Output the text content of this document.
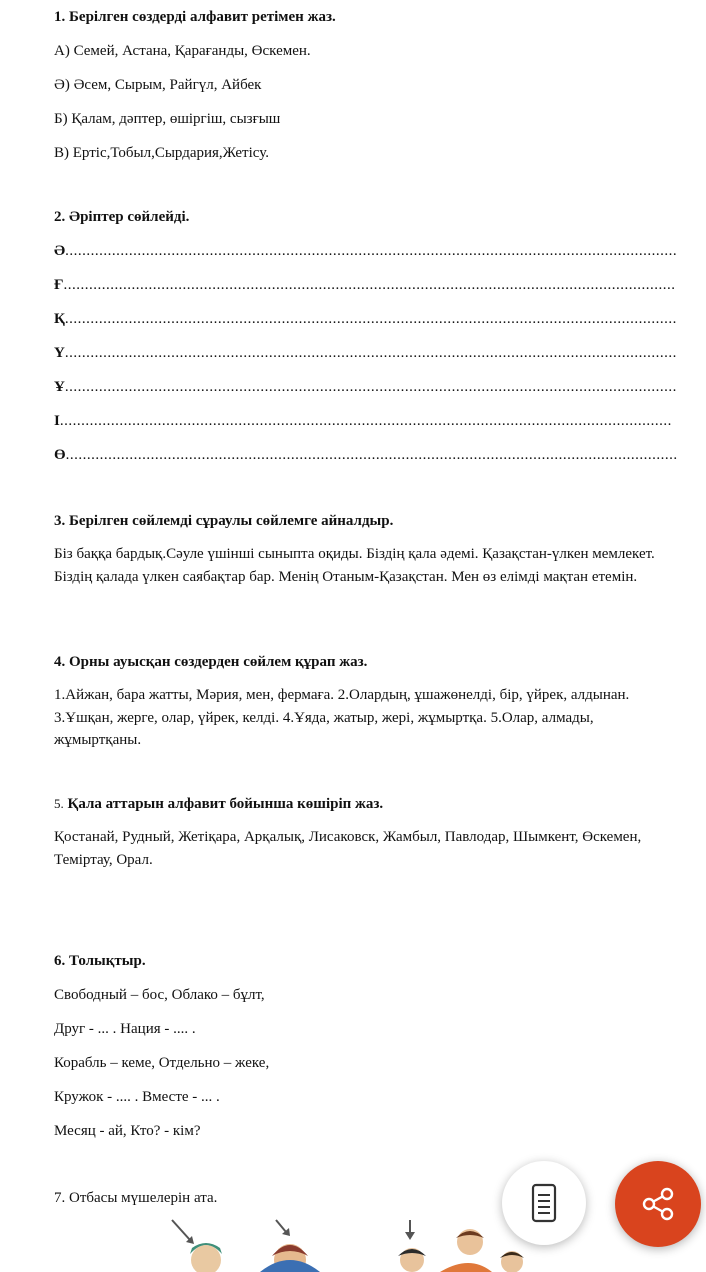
1. Берілген сөздерді алфавит ретімен жаз.

А) Семей, Астана, Қарағанды, Өскемен.

Ә) Әсем, Сырым, Райгүл, Айбек

Б) Қалам, дәптер, өшіргіш, сызғыш

В) Ертіс,Тобыл,Сырдария,Жетісу.

2. Әріптер сөйлейді.

Ә................................................................................................................................................

Ғ................................................................................................................................................

Қ................................................................................................................................................

Ү................................................................................................................................................

Ұ................................................................................................................................................

І................................................................................................................................................

Ө................................................................................................................................................

3. Берілген сөйлемді сұраулы сөйлемге айналдыр.

Біз баққа бардық.Сәуле үшінші сыныпта оқиды. Біздің қала әдемі. Қазақстан-үлкен мемлекет. Біздің қалада үлкен саябақтар бар. Менің Отаным-Қазақстан. Мен өз елімді мақтан етемін.

4. Орны ауысқан сөздерден сөйлем құрап жаз.

1.Айжан, бара жатты, Мәрия, мен, фермаға. 2.Олардың, ұшажөнелді, бір, үйрек, алдынан. 3.Ұшқан, жерге, олар, үйрек, келді. 4.Ұяда, жатыр, жері, жұмыртқа. 5.Олар, алмады, жұмыртқаны.

5. Қала аттарын алфавит бойынша көшіріп жаз.

Қостанай, Рудный, Жетіқара, Арқалық, Лисаковск, Жамбыл, Павлодар, Шымкент, Өскемен, Теміртау, Орал.

6. Толықтыр.

Свободный – бос, Облако – бұлт,

Друг - ... . Нация - .... .

Корабль – кеме, Отдельно – жеке,

Кружок - .... . Вместе - ... .

Месяц - ай, Кто? - кім?

7. Отбасы мүшелерін ата.
